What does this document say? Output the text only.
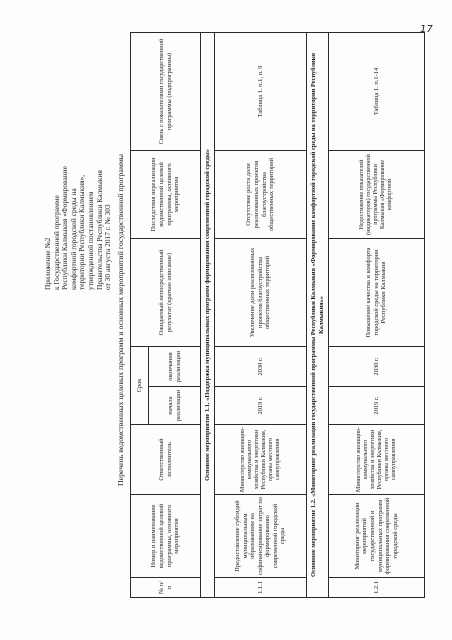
Приложение №2 к Государственной программе Республики Калмыкия «Формирование комфортной городской среды на территории Республики Калмыкия», утвержденной постановлением Правительства Республики Калмыкия от 30 августа 2017 г. № 303 Перечень ведомственных целевых программ и основных мероприятий государственной программы
№ п/п	Номер и наименование ведомственной целевой программы, основного мероприятия	Ответственный исполнитель	Срок		Ожидаемый непосредственный результат (краткое описание)	Последствия нереализации ведомственной целевой программы, основного мероприятия	Связь с показателями государственной программы (подпрограммы)
			начала реализации	окончания реализации			
Основное мероприятие 1.1. «Поддержка муниципальных программ формирования современной городской среды»							
1.1.1	Предоставление субсидий муниципальным образованиям на софинансирование затрат по формированию современной городской среды	Министерство жилищно-коммунального хозяйства и энергетики Республики Калмыкия, органы местного самоуправления	2019 г.	2030 г.	Увеличение доли реализованных проектов благоустройства общественных территорий	Отсутствие роста доли реализованных проектов благоустройства общественных территорий	Таблица 1. п.1, п. 9
Основное мероприятие 1.2. «Мониторинг реализации государственной программы Республики Калмыкия «Формирование комфортной городской среды на территории Республики Калмыкия»»							
1.2.1	Мониторинг реализации мероприятий государственной и муниципальных программ формирования современной городской среды	Министерство жилищно-коммунального хозяйства и энергетики Республики Калмыкия, органы местного самоуправления	2019 г.	2030 г.	Повышение качества и комфорта городской среды на территории Республики Калмыкия	Недостижение показателей (индикаторов) государственной программы Республики Калмыкия «Формирование комфортной	Таблица 1. п.1-14
17
